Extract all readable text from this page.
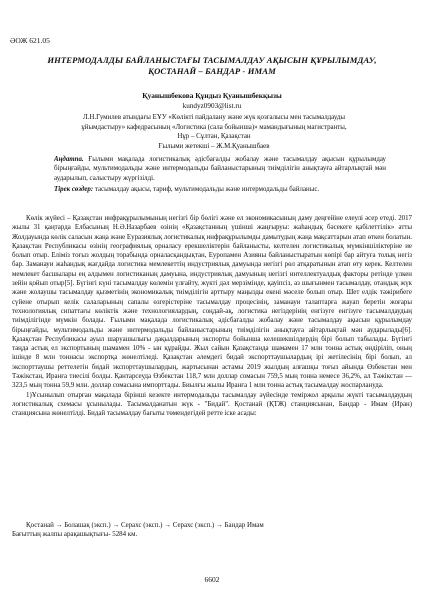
ӘОЖ 621.05
ИНТЕРМОДАЛДЫ БАЙЛАНЫСТАҒЫ ТАСЫМАЛДАУ АҚЫСЫН ҚҰРЫЛЫМДАУ, ҚОСТАНАЙ – БАНДАР - ИМАМ
Қуанышбекова Құндыз Қуанышбекқызы
kundyz0903@list.ru
Л.Н.Гумилев атындағы ЕҰУ «Көлікті пайдалану және жүк қозғалысы мен тасымалдауды
ұйымдастыру» кафедрасының «Логистика (сала бойынша)» мамандығының магистранты,
Нұр – Сұлтан, Қазақстан
Ғылыми жетекші – Ж.М.Қуанышбаев
Аңдатпа. Ғылыми мақалада логистикалық әдіcбағалды жобалау және тасымалдау ақысын құрылымдау бірыңғайды, мультимодальды және интермодальды байланыстарының тиімділігін анықтауға айтарлықтай мән аударылып, салыстыру жүргізілді.
Тірек сөздер: тасымалдау ақысы, тариф, мультимодальды және интермодальды байланыс.

Көлік жүйесі – Қазақстан инфрақұрылымының негізгі бір бөлігі және ел экономикасының даму деңгейіне елеулі әсер етеді. 2017 жылы 31 қаңтарда Елбасының Н.Ә.Назарбаев өзінің «Қазақстанның үшінші жаңғыруы: жаһандық бәсекеге қабілеттілік» атты Жолдауында көлік саласын жаңа және Еуразиялық логистикалық инфрақұрылымды дамытудың жаңа мақсаттарын атап өткен болатын. Қазақстан Республикасы өзінің географиялық орналасу ерекшеліктерін байланысты, келтелен логистикалық мүмкіншіліктеріне ие болып отыр. Еліміз тоғыз жолдың торабында орналасқандықтан, Еуропамен Азияны байланыстыратын көпірі бар айтуға толық негіз бар. Заманауи жаһандық жағдайда логистика мемлекеттің индустриялық дамуында негізгі рөл атқаратынын атап өту керек. Келтелен мемлекет басшылары ең алдымен логистиканың дамуына, индустриялық дамуының негізгі интеллектуалдық факторы ретінде үлкен зейін қойып отыр[5]. Бүгінгі күні тасымалдау көлемін үлғайту, жүкті дәл мерзімінде, қауіпсіз, аз шығынмен тасымалдау, отандық жүк және жолаушы тасымалдау қызметінің экономикалық тиімділігін арттыру маңызды екені мәселе болып отыр. Шет елдік тәжірибеге сүйене отырып келік салаларының сапалы өзгерістеріне тасымалдау процесінің, заманауи талаптарға жауап беретін жоғары технологиялық сипаттағы көліктік және технологиялардың, соңдай-ақ, логистика негіздерінің енгізуге енгізуге тасымалдаудың тиімділігінде мүмкін болады. Ғылыми мақалада логистикалық әдіcбағалды жобалау және тасымалдау ақысын құрылымдау бірыңғайды, мультимодальды және интермодальды байланыстарының тиімділігін анықтауға айтарлықтай мән аударылады[6]. Қазақстан Республикасы ауыл шаруашылығы дақылдарының экспорты бойынша келешекшілдердің бірі болып табылады. Бүгінгі таңда астық ел экспортының шамамен 10% - ын құрайды. Жыл сайын Қазақстанда шамамен 17 млн тонна астық өндіріліп, оның ішінде 8 млн тоннасы экспортқа жөнелтіледі. Қазақстан әлемдегі бидай экспорттаушылардың ірі жетілесінің бірі болып, ал экспорттаушы реттелетін бидай экспорттаушылардың, жартысынан астамы 2019 жылдың алғашқы тоғыз айында Өзбекстан мен Тәжікстан, Иранға тиесілі болды. Қантарсеуда Өзбекстан 118,7 млн доллар сомасын 759,5 мың тонна немесе 36,2%, ал Тәжікстан — 323,5 мың тонна 59,9 млн. доллар сомасына импорттады. Биылғы жылы Иранға 1 млн тонна астық тасымалдау жоспарлануда.

1)Ұсынылып отырған мақалада бірінші кезекте интермодальды тасымалдау әүйесінде теміржол арқылы жүкті тасымалдаудың логистикалық схемасы ұсынылады. Тасымалданатын жүк - "Бидай". Қостанай (ҚТЖ) станциясынан, Бандар - Имам (Иран) станциясына жөнелтілді. Бидай тасымалдау бағыты төмендегідей ретте іске асады:

Қостанай → Болашақ (эксп.) → Серахс (эксп.) → Серахс (эксп.) → Бандар Имам
Бағыттың жалпы арақашықтығы- 5284 км.
6602
